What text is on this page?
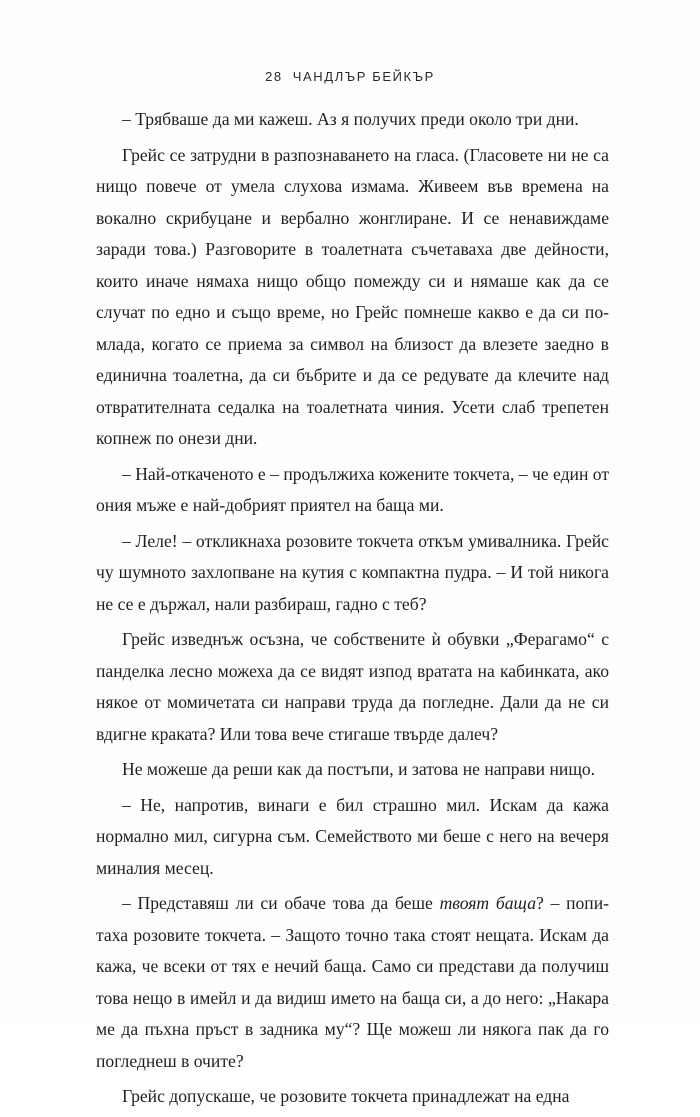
28 ЧАНДЛЪР БЕЙКЪР

– Трябваше да ми кажеш. Аз я получих преди около три дни.

Грейс се затрудни в разпознаването на гласа. (Гласовете ни не са нищо повече от умела слухова измама. Живеем във времена на вокално скрибуцане и вербално жонглиране. И се ненавиждаме заради това.) Разговорите в тоалетната съчетаваха две дейности, които иначе нямаха нищо общо помежду си и нямаше как да се случат по едно и също време, но Грейс помнеше какво е да си по-млада, когато се приема за символ на близост да влезете заедно в единична тоалетна, да си бъбрите и да се редувате да клечите над отвратителната седалка на тоалетната чиния. Усети слаб трепетен копнеж по онези дни.

– Най-откаченото е – продължиха кожените токчета, – че един от ония мъже е най-добрият приятел на баща ми.

– Леле! – откликнаха розовите токчета откъм умивалника. Грейс чу шумното захлопване на кутия с компактна пудра. – И той никога не се е държал, нали разбираш, гадно с теб?

Грейс изведнъж осъзна, че собствените ѝ обувки „Ферагамо“ с панделка лесно можеха да се видят изпод вратата на кабинката, ако някое от момичетата си направи труда да погледне. Дали да не си вдигне краката? Или това вече стигаше твърде далеч?

Не можеше да реши как да постъпи, и затова не направи нищо.

– Не, напротив, винаги е бил страшно мил. Искам да кажа нормално мил, сигурна съм. Семейството ми беше с него на вечеря миналия месец.

– Представяш ли си обаче това да беше твоят баща? – попитаха розовите токчета. – Защото точно така стоят нещата. Искам да кажа, че всеки от тях е нечий баща. Само си представи да получиш това нещо в имейл и да видиш името на баща си, а до него: „Накара ме да пъхна пръст в задника му“? Ще можеш ли някога пак да го погледнеш в очите?

Грейс допускаше, че розовите токчета принадлежат на една
